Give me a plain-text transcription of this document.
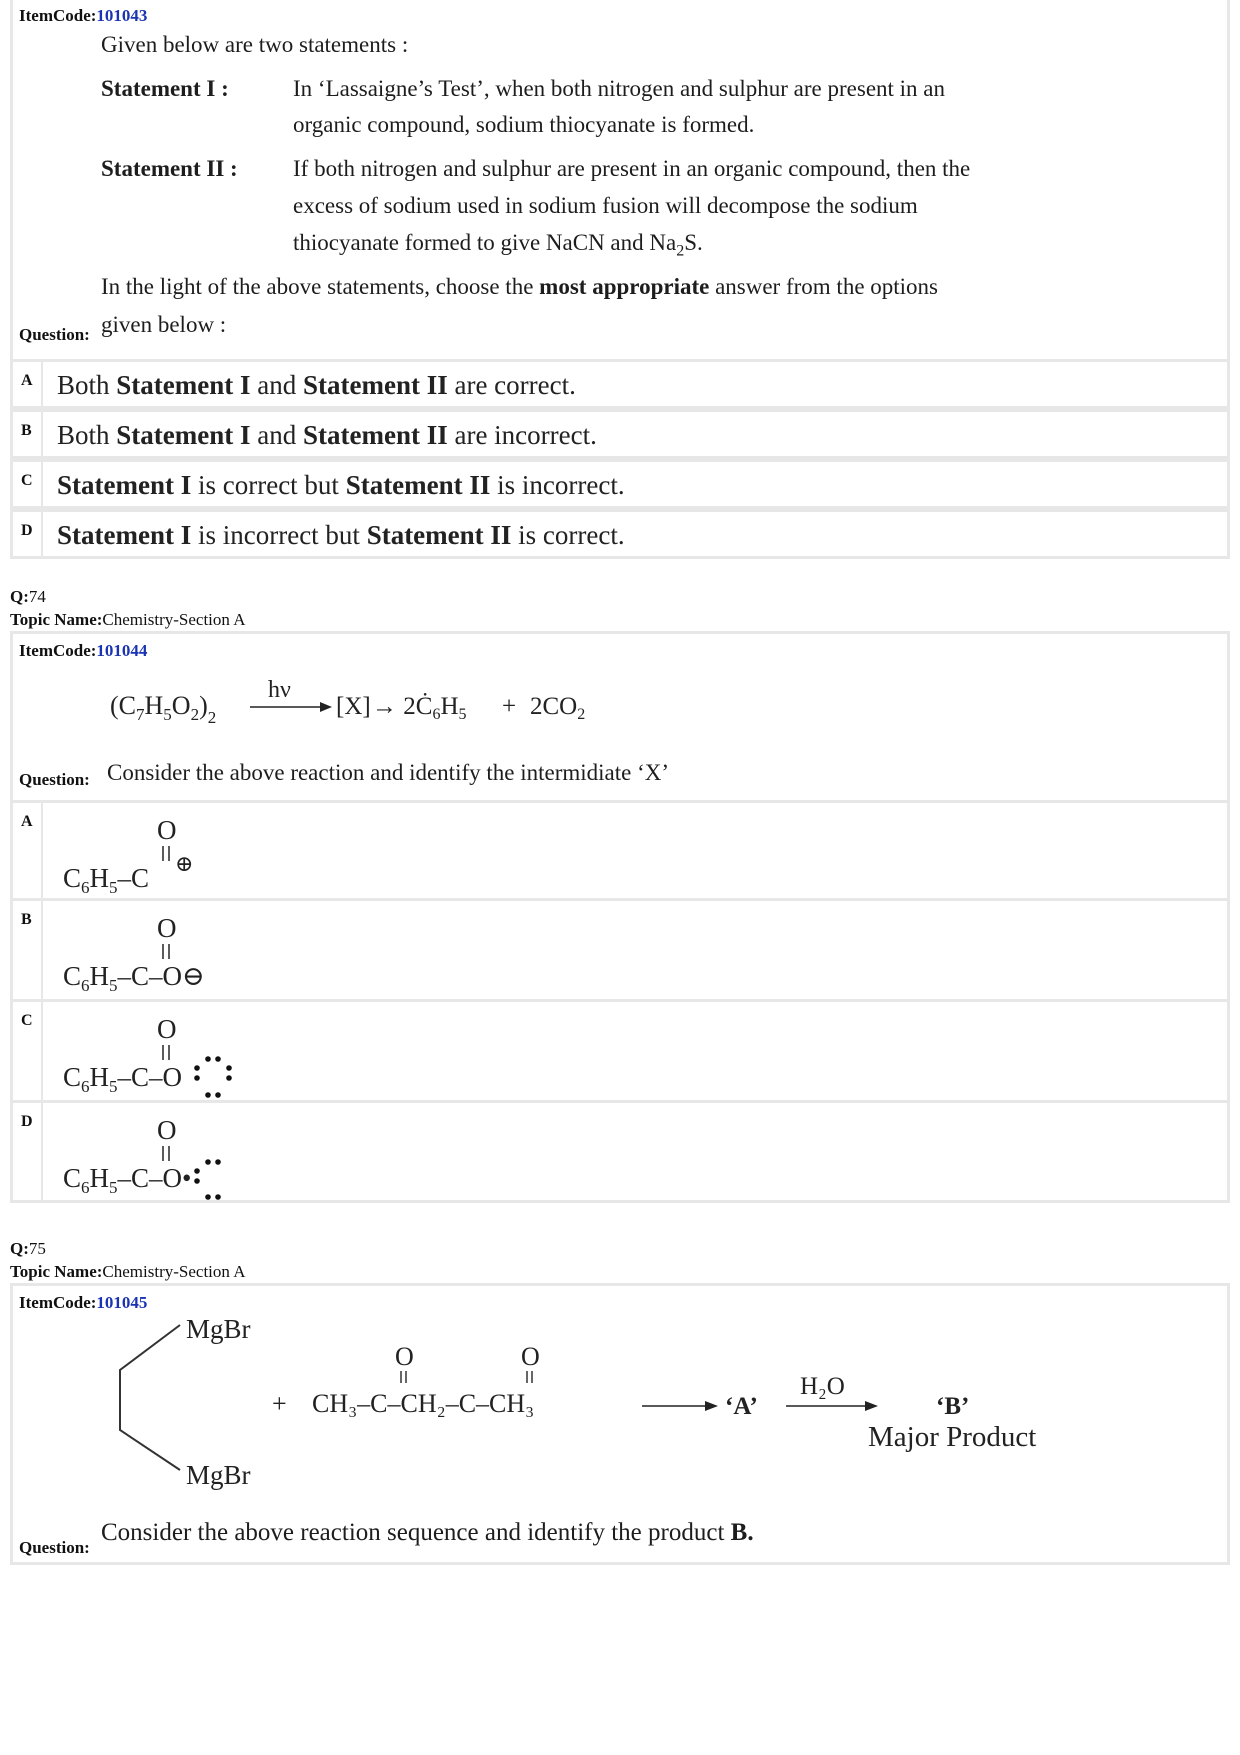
ItemCode:101043
Given below are two statements :
Statement I :	In ‘Lassaigne’s Test’, when both nitrogen and sulphur are present in an
organic compound, sodium thiocyanate is formed.
Statement II : If both nitrogen and sulphur are present in an organic compound, then the
excess of sodium used in sodium fusion will decompose the sodium
thiocyanate formed to give NaCN and $Na_2S$.
In the light of the above statements, choose the most appropriate answer from the options
given below :
Question:
A Both Statement I and Statement II are correct.
B Both Statement I and Statement II are incorrect.
C Statement I is correct but Statement II is incorrect.
D Statement I is incorrect but Statement II is correct.
Q:74
Topic Name:Chemistry-Section A
ItemCode:101044
$(C_7H_5O_2)_2$
hν
$[X] \to 2Ċ_6H_5 + 2CO_2$
Consider the above reaction and identify the intermidiate ‘X’
Question:
A	O
$C_6H_5-C$ ⊕
B	O
$C_6H_5-C-O⊖$
C	O
$C_6H_5-C-O$
D	O
$C_6H_5-C-O•$
Q:75
Topic Name:Chemistry-Section A
ItemCode:101045
MgBr
MgBr
+
O	O
CH₃–C–CH₂–C–CH₃	‘A’
H₂O
‘B’
Major Product
Consider the above reaction sequence and identify the product B.
Question:
